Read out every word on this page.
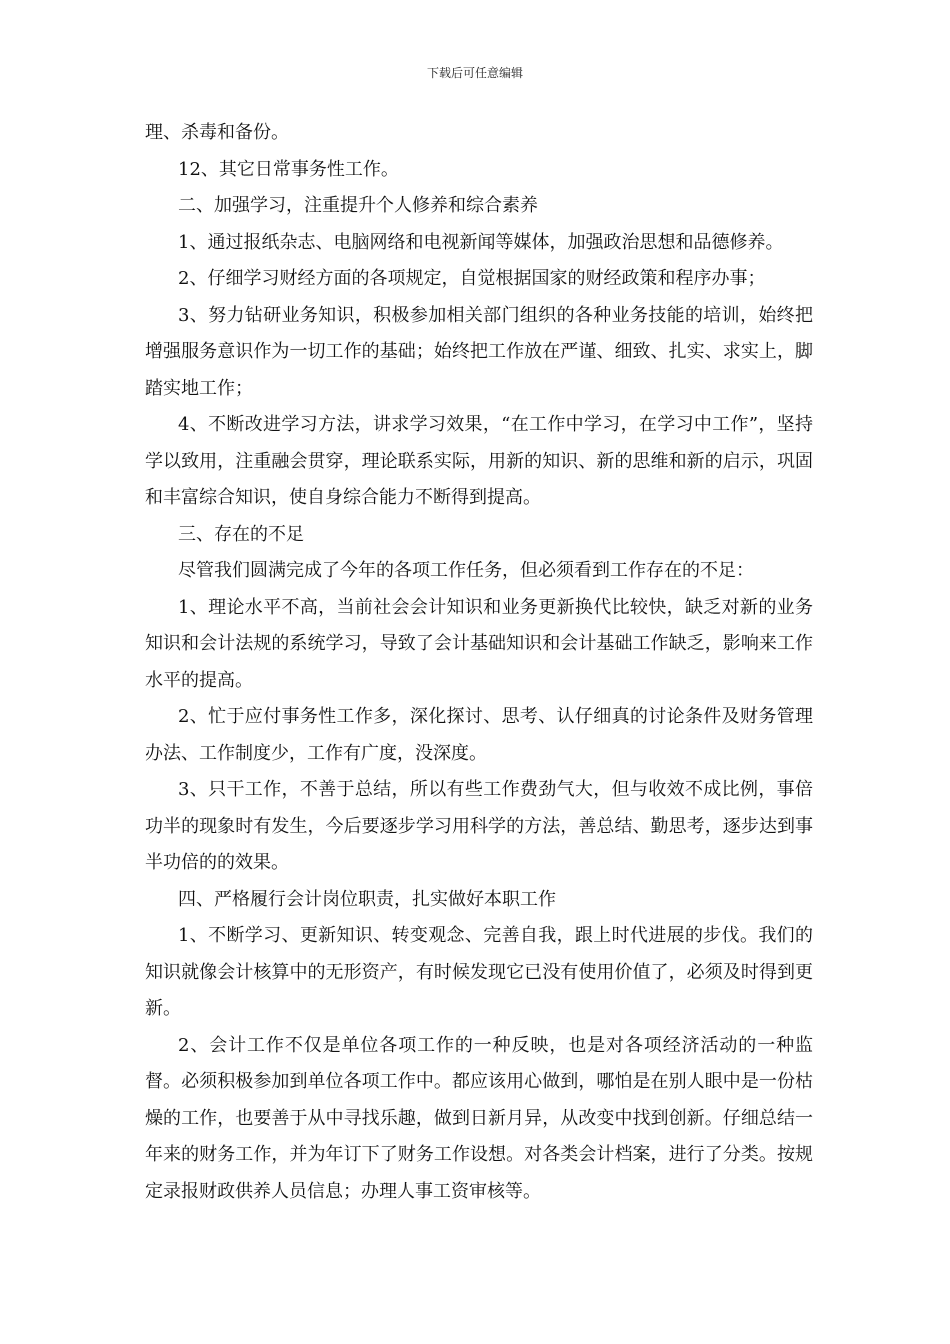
下载后可任意编辑

理、杀毒和备份。

12、其它日常事务性工作。

二、加强学习，注重提升个人修养和综合素养

1、通过报纸杂志、电脑网络和电视新闻等媒体，加强政治思想和品德修养。

2、仔细学习财经方面的各项规定，自觉根据国家的财经政策和程序办事；

3、努力钻研业务知识，积极参加相关部门组织的各种业务技能的培训，始终把增强服务意识作为一切工作的基础；始终把工作放在严谨、细致、扎实、求实上，脚踏实地工作；

4、不断改进学习方法，讲求学习效果，“在工作中学习，在学习中工作”，坚持学以致用，注重融会贯穿，理论联系实际，用新的知识、新的思维和新的启示，巩固和丰富综合知识，使自身综合能力不断得到提高。

三、存在的不足

尽管我们圆满完成了今年的各项工作任务，但必须看到工作存在的不足：

1、理论水平不高，当前社会会计知识和业务更新换代比较快，缺乏对新的业务知识和会计法规的系统学习，导致了会计基础知识和会计基础工作缺乏，影响来工作水平的提高。

2、忙于应付事务性工作多，深化探讨、思考、认仔细真的讨论条件及财务管理办法、工作制度少，工作有广度，没深度。

3、只干工作，不善于总结，所以有些工作费劲气大，但与收效不成比例，事倍功半的现象时有发生，今后要逐步学习用科学的方法，善总结、勤思考，逐步达到事半功倍的的效果。

四、严格履行会计岗位职责，扎实做好本职工作

1、不断学习、更新知识、转变观念、完善自我，跟上时代进展的步伐。我们的知识就像会计核算中的无形资产，有时候发现它已没有使用价值了，必须及时得到更新。

2、会计工作不仅是单位各项工作的一种反映，也是对各项经济活动的一种监督。必须积极参加到单位各项工作中。都应该用心做到，哪怕是在别人眼中是一份枯燥的工作，也要善于从中寻找乐趣，做到日新月异，从改变中找到创新。仔细总结一年来的财务工作，并为年订下了财务工作设想。对各类会计档案，进行了分类。按规定录报财政供养人员信息；办理人事工资审核等。
